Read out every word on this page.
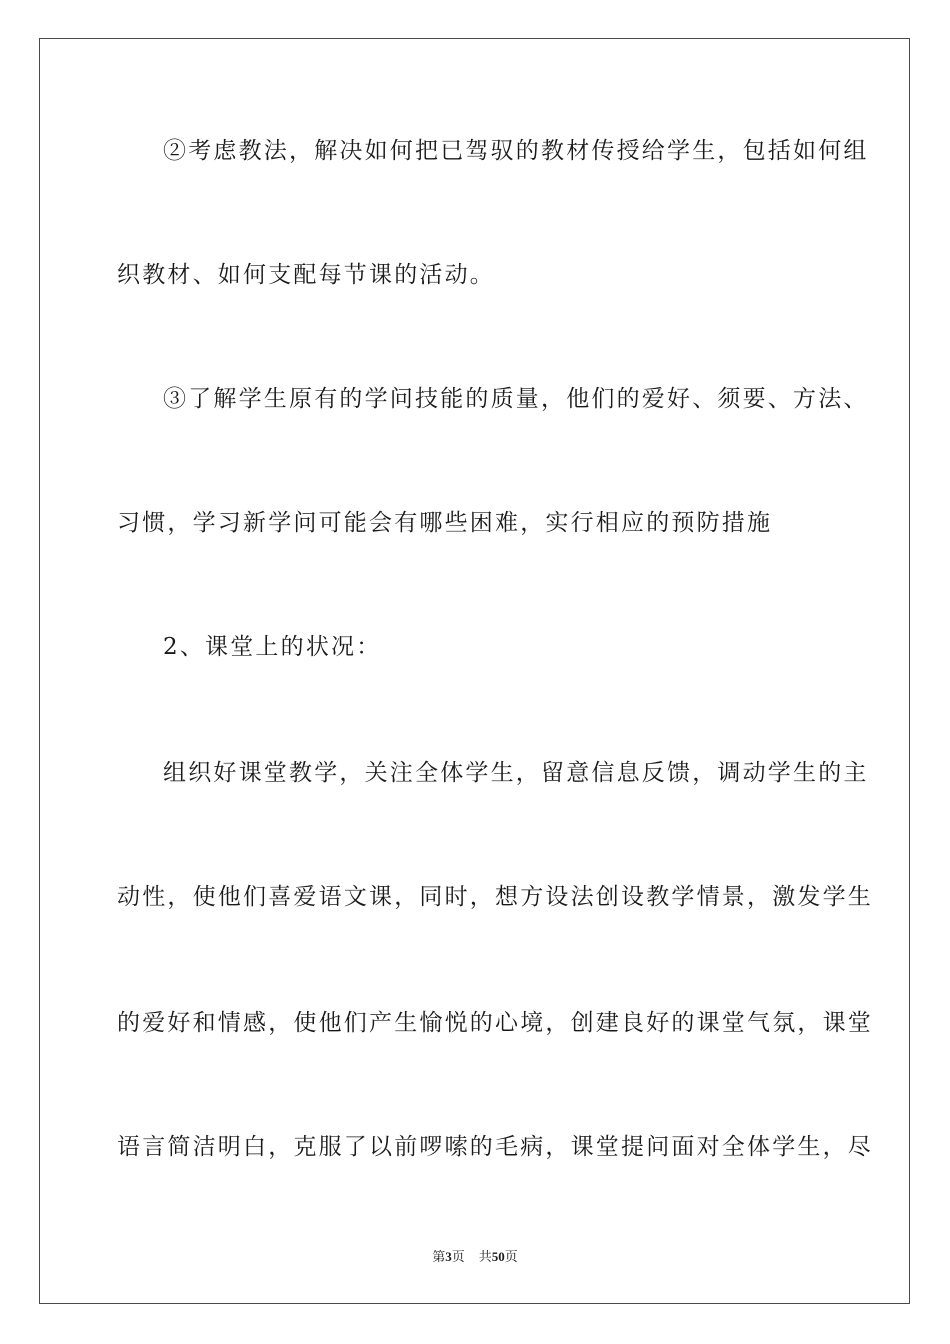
②考虑教法，解决如何把已驾驭的教材传授给学生，包括如何组
织教材、如何支配每节课的活动。
③了解学生原有的学问技能的质量，他们的爱好、须要、方法、
习惯，学习新学问可能会有哪些困难，实行相应的预防措施
2、课堂上的状况：
组织好课堂教学，关注全体学生，留意信息反馈，调动学生的主
动性，使他们喜爱语文课，同时，想方设法创设教学情景，激发学生
的爱好和情感，使他们产生愉悦的心境，创建良好的课堂气氛，课堂
语言简洁明白，克服了以前啰嗦的毛病，课堂提问面对全体学生，尽
第3页 共50页
